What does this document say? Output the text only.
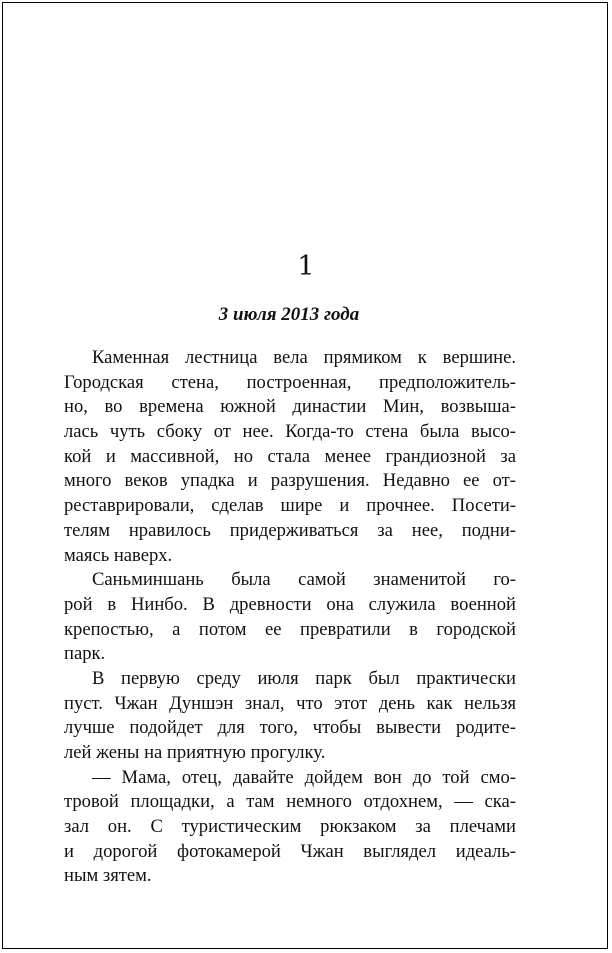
1
3 июля 2013 года
Каменная лестница вела прямиком к вершине.
Городская стена, построенная, предположитель-
но, во времена южной династии Мин, возвыша-
лась чуть сбоку от нее. Когда-то стена была высо-
кой и массивной, но стала менее грандиозной за
много веков упадка и разрушения. Недавно ее от-
реставрировали, сделав шире и прочнее. Посети-
телям нравилось придерживаться за нее, подни-
маясь наверх.
Саньминшань была самой знаменитой го-
рой в Нинбо. В древности она служила военной
крепостью, а потом ее превратили в городской
парк.
В первую среду июля парк был практически
пуст. Чжан Дуншэн знал, что этот день как нельзя
лучше подойдет для того, чтобы вывести родите-
лей жены на приятную прогулку.
— Мама, отец, давайте дойдем вон до той смо-
тровой площадки, а там немного отдохнем, — ска-
зал он. С туристическим рюкзаком за плечами
и дорогой фотокамерой Чжан выглядел идеаль-
ным зятем.
